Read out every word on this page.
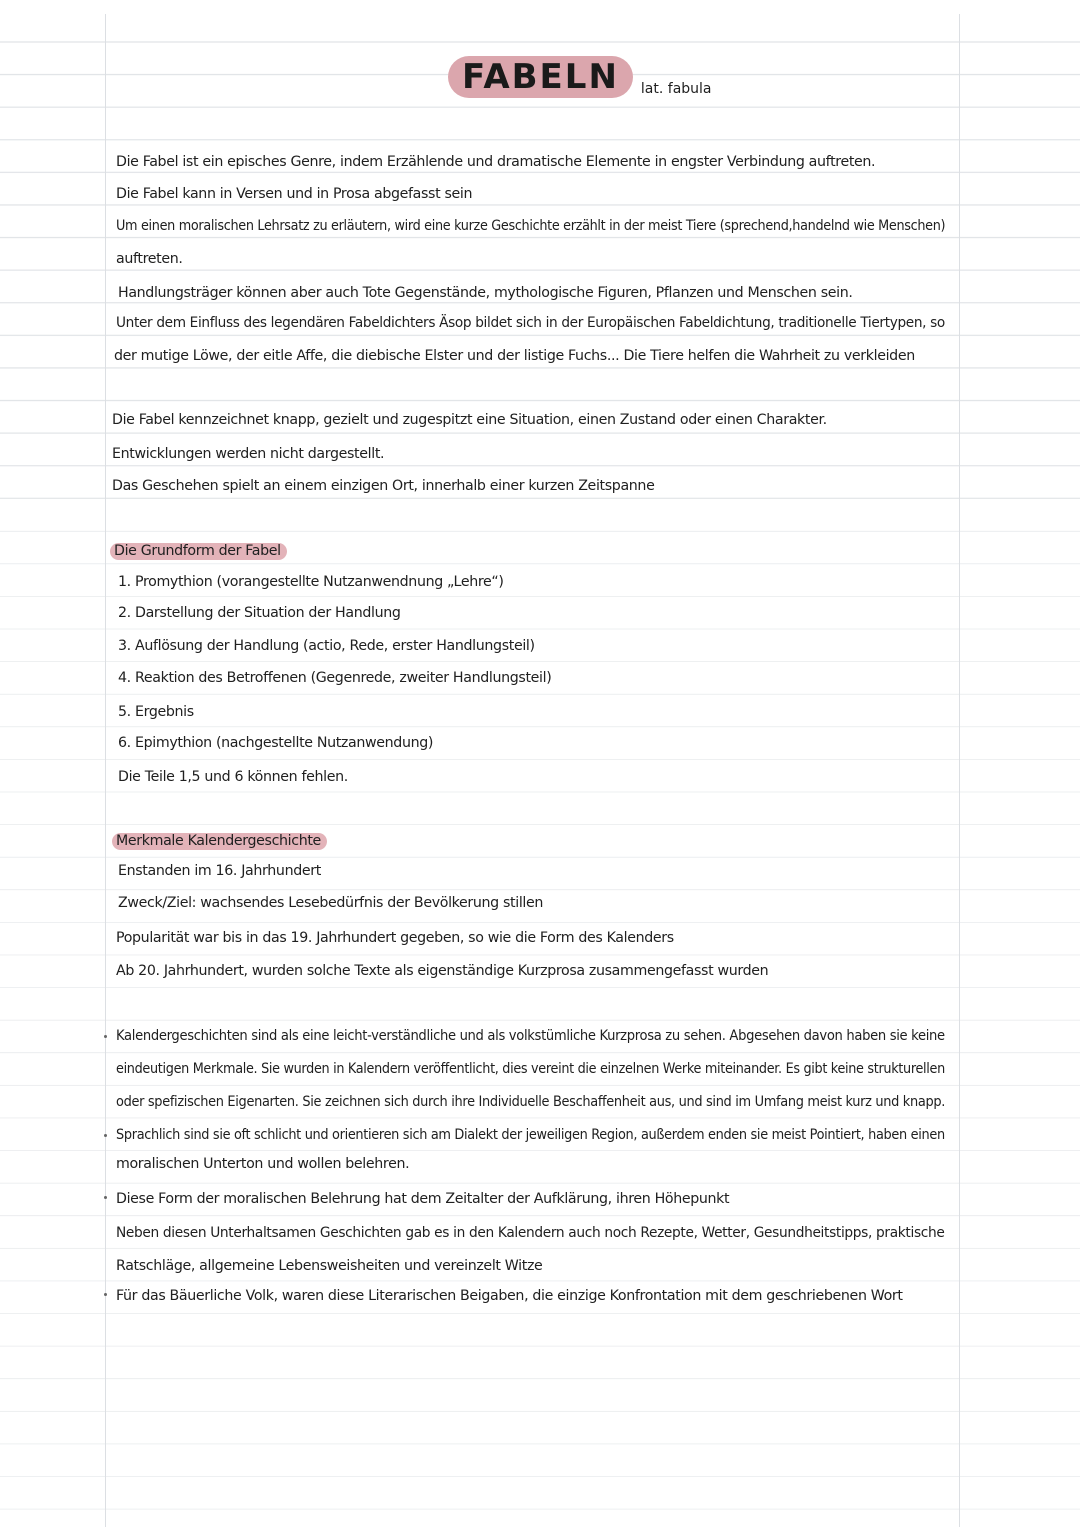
FABELN	lat. fabula
Die Fabel ist ein episches Genre, indem Erzählende und dramatische Elemente in engster Verbindung auftreten.
Die Fabel kann in Versen und in Prosa abgefasst sein
Um einen moralischen Lehrsatz zu erläutern, wird eine kurze Geschichte erzählt in der meist Tiere (sprechend,handelnd wie Menschen)
auftreten.
Handlungsträger können aber auch Tote Gegenstände, mythologische Figuren, Pflanzen und Menschen sein.
Unter dem Einfluss des legendären Fabeldichters Äsop bildet sich in der Europäischen Fabeldichtung, traditionelle Tiertypen, so
der mutige Löwe, der eitle Affe, die diebische Elster und der listige Fuchs... Die Tiere helfen die Wahrheit zu verkleiden
Die Fabel kennzeichnet knapp, gezielt und zugespitzt eine Situation, einen Zustand oder einen Charakter.
Entwicklungen werden nicht dargestellt.
Das Geschehen spielt an einem einzigen Ort, innerhalb einer kurzen Zeitspanne
Die Grundform der Fabel
1. Promythion (vorangestellte Nutzanwendnung „Lehre“)
2. Darstellung der Situation der Handlung
3. Auflösung der Handlung (actio, Rede, erster Handlungsteil)
4. Reaktion des Betroffenen (Gegenrede, zweiter Handlungsteil)
5. Ergebnis
6. Epimythion (nachgestellte Nutzanwendung)
Die Teile 1,5 und 6 können fehlen.
Merkmale Kalendergeschichte
Enstanden im 16. Jahrhundert
Zweck/Ziel: wachsendes Lesebedürfnis der Bevölkerung stillen
Popularität war bis in das 19. Jahrhundert gegeben, so wie die Form des Kalenders
Ab 20. Jahrhundert, wurden solche Texte als eigenständige Kurzprosa zusammengefasst wurden
Kalendergeschichten sind als eine leicht-verständliche und als volkstümliche Kurzprosa zu sehen. Abgesehen davon haben sie keine
eindeutigen Merkmale. Sie wurden in Kalendern veröffentlicht, dies vereint die einzelnen Werke miteinander. Es gibt keine strukturellen
oder spefizischen Eigenarten. Sie zeichnen sich durch ihre Individuelle Beschaffenheit aus, und sind im Umfang meist kurz und knapp.
Sprachlich sind sie oft schlicht und orientieren sich am Dialekt der jeweiligen Region, außerdem enden sie meist Pointiert, haben einen
moralischen Unterton und wollen belehren.
Diese Form der moralischen Belehrung hat dem Zeitalter der Aufklärung, ihren Höhepunkt
Neben diesen Unterhaltsamen Geschichten gab es in den Kalendern auch noch Rezepte, Wetter, Gesundheitstipps, praktische
Ratschläge, allgemeine Lebensweisheiten und vereinzelt Witze
Für das Bäuerliche Volk, waren diese Literarischen Beigaben, die einzige Konfrontation mit dem geschriebenen Wort
